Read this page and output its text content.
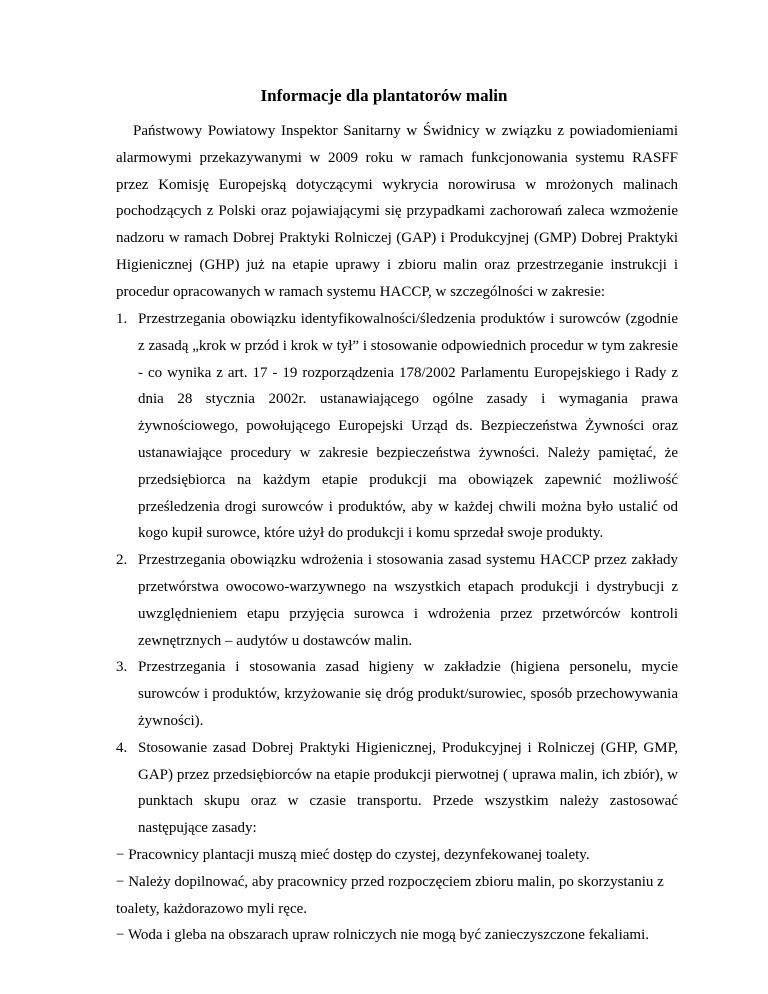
Informacje dla plantatorów malin

Państwowy Powiatowy Inspektor Sanitarny w Świdnicy w związku z powiadomieniami alarmowymi przekazywanymi w 2009 roku w ramach funkcjonowania systemu RASFF przez Komisję Europejską dotyczącymi wykrycia norowirusa w mrożonych malinach pochodzących z Polski oraz pojawiającymi się przypadkami zachorowań zaleca wzmożenie nadzoru w ramach Dobrej Praktyki Rolniczej (GAP) i Produkcyjnej (GMP) Dobrej Praktyki Higienicznej (GHP) już na etapie uprawy i zbioru malin oraz przestrzeganie instrukcji i procedur opracowanych w ramach systemu HACCP, w szczególności w zakresie:

1. Przestrzegania obowiązku identyfikowalności/śledzenia produktów i surowców (zgodnie z zasadą „krok w przód i krok w tył” i stosowanie odpowiednich procedur w tym zakresie - co wynika z art. 17 - 19 rozporządzenia 178/2002 Parlamentu Europejskiego i Rady z dnia 28 stycznia 2002r. ustanawiającego ogólne zasady i wymagania prawa żywnościowego, powołującego Europejski Urząd ds. Bezpieczeństwa Żywności oraz ustanawiające procedury w zakresie bezpieczeństwa żywności. Należy pamiętać, że przedsiębiorca na każdym etapie produkcji ma obowiązek zapewnić możliwość prześledzenia drogi surowców i produktów, aby w każdej chwili można było ustalić od kogo kupił surowce, które użył do produkcji i komu sprzedał swoje produkty.
2. Przestrzegania obowiązku wdrożenia i stosowania zasad systemu HACCP przez zakłady przetwórstwa owocowo-warzywnego na wszystkich etapach produkcji i dystrybucji z uwzględnieniem etapu przyjęcia surowca i wdrożenia przez przetwórców kontroli zewnętrznych – audytów u dostawców malin.
3. Przestrzegania i stosowania zasad higieny w zakładzie (higiena personelu, mycie surowców i produktów, krzyżowanie się dróg produkt/surowiec, sposób przechowywania żywności).
4. Stosowanie zasad Dobrej Praktyki Higienicznej, Produkcyjnej i Rolniczej (GHP, GMP, GAP) przez przedsiębiorców na etapie produkcji pierwotnej ( uprawa malin, ich zbiór), w punktach skupu oraz w czasie transportu. Przede wszystkim należy zastosować następujące zasady:
− Pracownicy plantacji muszą mieć dostęp do czystej, dezynfekowanej toalety.
− Należy dopilnować, aby pracownicy przed rozpoczęciem zbioru malin, po skorzystaniu z toalety, każdorazowo myli ręce.
− Woda i gleba na obszarach upraw rolniczych nie mogą być zanieczyszczone fekaliami.
